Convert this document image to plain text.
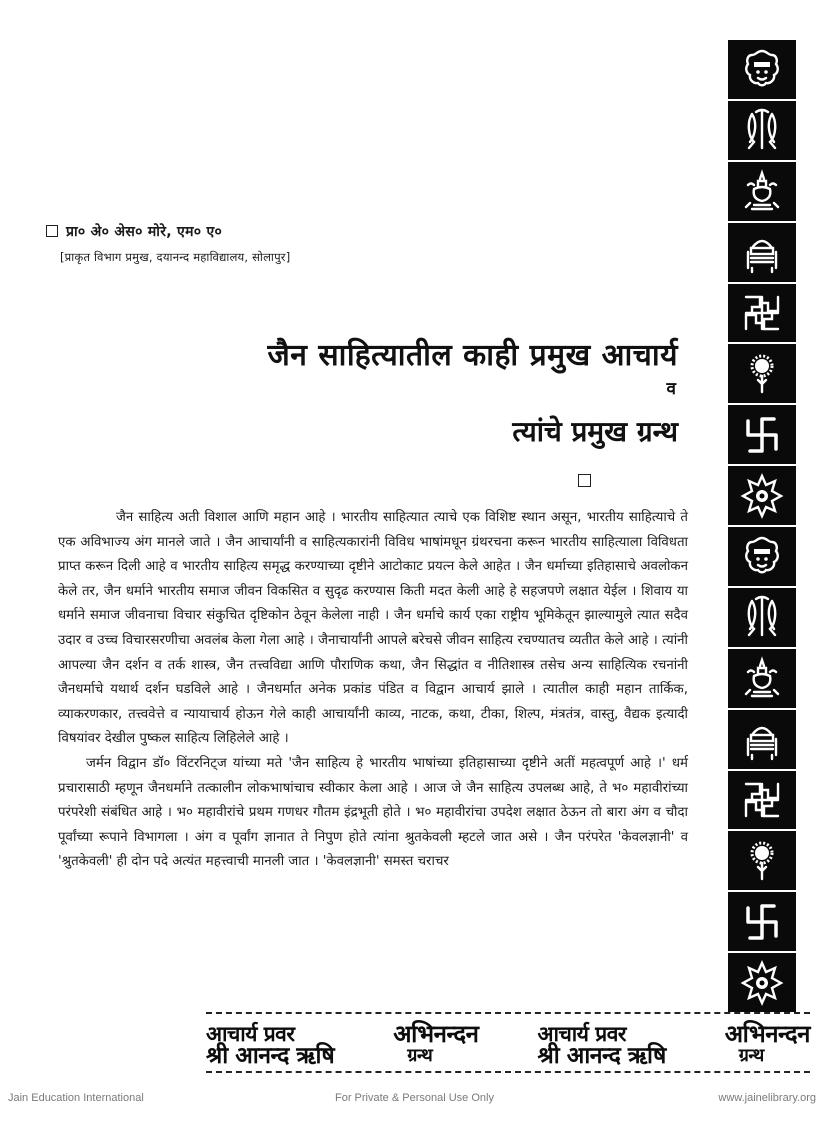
प्रा० अे० अेस० मोरे, एम० ए०
[प्राकृत विभाग प्रमुख, दयानन्द महाविद्यालय, सोलापुर]
जैन साहित्यातील काही प्रमुख आचार्य
व
त्यांचे प्रमुख ग्रन्थ

जैन साहित्य अती विशाल आणि महान आहे । भारतीय साहित्यात त्याचे एक विशिष्ट स्थान असून, भारतीय साहित्याचे ते एक अविभाज्य अंग मानले जाते । जैन आचार्यांनी व साहित्यकारांनी विविध भाषांमधून ग्रंथरचना करून भारतीय साहित्याला विविधता प्राप्त करून दिली आहे व भारतीय साहित्य समृद्ध करण्याच्या दृष्टीने आटोकाट प्रयत्न केले आहेत । जैन धर्माच्या इतिहासाचे अवलोकन केले तर, जैन धर्माने भारतीय समाज जीवन विकसित व सुदृढ करण्यास किती मदत केली आहे हे सहजपणे लक्षात येईल । शिवाय या धर्माने समाज जीवनाचा विचार संकुचित दृष्टिकोन ठेवून केलेला नाही । जैन धर्माचे कार्य एका राष्ट्रीय भूमिकेतून झाल्यामुले त्यात सदैव उदार व उच्च विचारसरणीचा अवलंब केला गेला आहे । जैनाचार्यांनी आपले बरेचसे जीवन साहित्य रचण्यातच व्यतीत केले आहे । त्यांनी आपल्या जैन दर्शन व तर्क शास्त्र, जैन तत्त्वविद्या आणि पौराणिक कथा, जैन सिद्धांत व नीतिशास्त्र तसेच अन्य साहित्यिक रचनांनी जैनधर्माचे यथार्थ दर्शन घडविले आहे । जैनधर्मात अनेक प्रकांड पंडित व विद्वान आचार्य झाले । त्यातील काही महान तार्किक, व्याकरणकार, तत्त्ववेत्ते व न्यायाचार्य होऊन गेले काही आचार्यांनी काव्य, नाटक, कथा, टीका, शिल्प, मंत्रतंत्र, वास्तु, वैद्यक इत्यादी विषयांवर देखील पुष्कल साहित्य लिहिलेले आहे ।

जर्मन विद्वान डॉ० विंटरनिट्ज यांच्या मते 'जैन साहित्य हे भारतीय भाषांच्या इतिहासाच्या दृष्टीने अतीं महत्वपूर्ण आहे ।' धर्म प्रचारासाठी म्हणून जैनधर्माने तत्कालीन लोकभाषांचाच स्वीकार केला आहे । आज जे जैन साहित्य उपलब्ध आहे, ते भ० महावीरांच्या परंपरेशी संबंधित आहे । भ० महावीरांचे प्रथम गणधर गौतम इंद्रभूती होते । भ० महावीरांचा उपदेश लक्षात ठेऊन तो बारा अंग व चौदा पूर्वांच्या रूपाने विभागला । अंग व पूर्वांग ज्ञानात ते निपुण होते त्यांना श्रुतकेवली म्हटले जात असे । जैन परंपरेत 'केवलज्ञानी' व 'श्रुतकेवली' ही दोन पदे अत्यंत महत्त्वाची मानली जात । 'केवलज्ञानी' समस्त चराचर

आचार्य प्रवर
श्री आनन्द ऋषि
अभिनन्दन
ग्रन्थ
आचार्य प्रवर
श्री आनन्द ऋषि
अभिनन्दन
ग्रन्थ
Jain Education International	For Private & Personal Use Only	www.jainelibrary.org
